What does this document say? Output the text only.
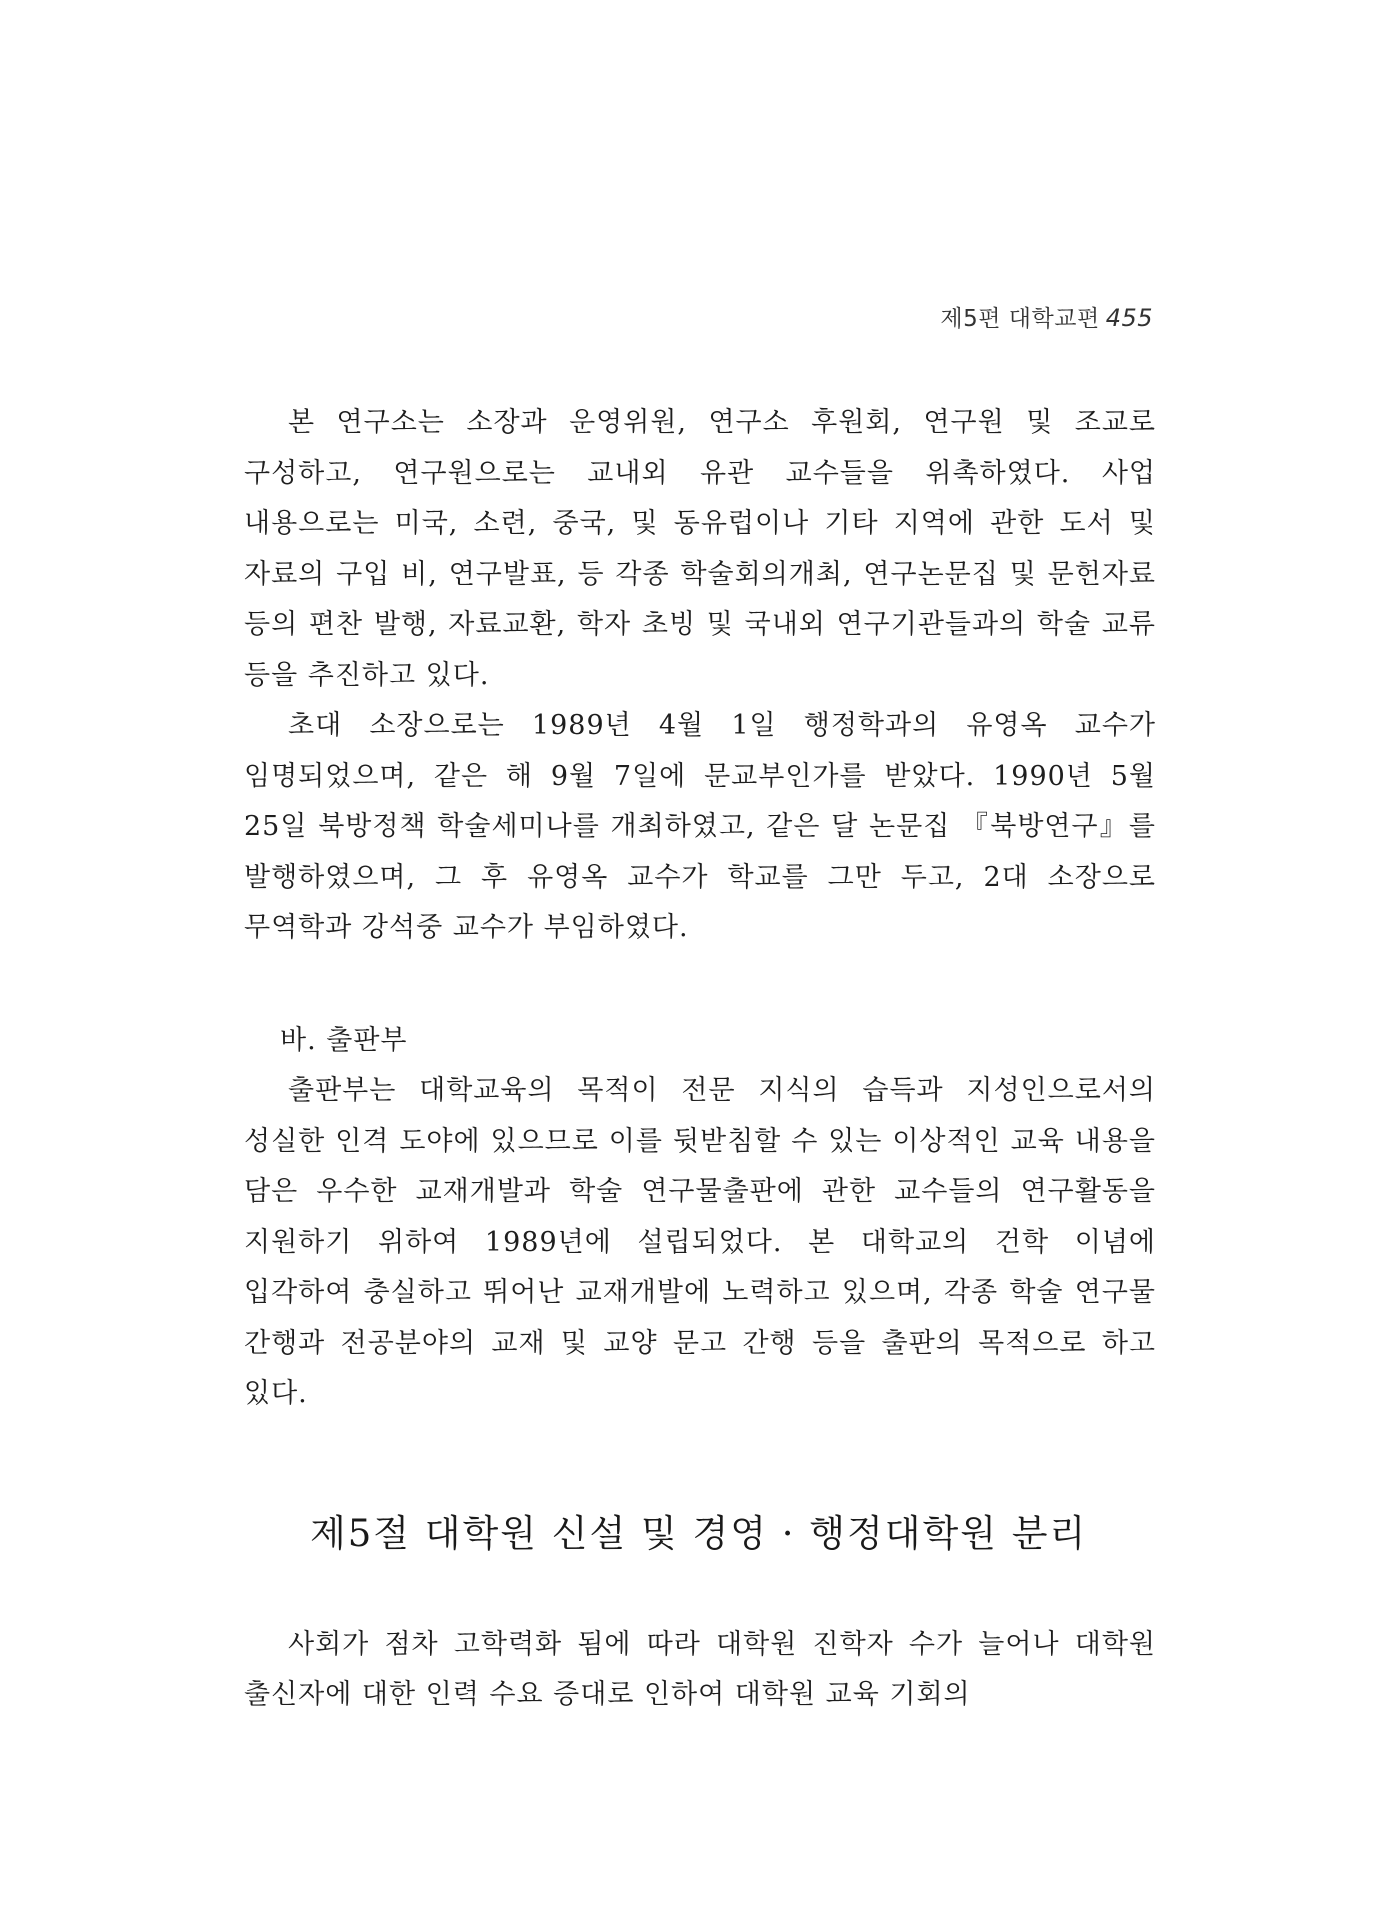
제5편 대학교편 455

본 연구소는 소장과 운영위원, 연구소 후원회, 연구원 및 조교로 구성하고, 연구원으로는 교내외 유관 교수들을 위촉하였다. 사업 내용으로는 미국, 소련, 중국, 및 동유럽이나 기타 지역에 관한 도서 및 자료의 구입 비, 연구발표, 등 각종 학술회의개최, 연구논문집 및 문헌자료 등의 편찬 발행, 자료교환, 학자 초빙 및 국내외 연구기관들과의 학술 교류 등을 추진하고 있다.

초대 소장으로는 1989년 4월 1일 행정학과의 유영옥 교수가 임명되었으며, 같은 해 9월 7일에 문교부인가를 받았다. 1990년 5월 25일 북방정책 학술세미나를 개최하였고, 같은 달 논문집 『북방연구』를 발행하였으며, 그 후 유영옥 교수가 학교를 그만 두고, 2대 소장으로 무역학과 강석중 교수가 부임하였다.

바. 출판부

출판부는 대학교육의 목적이 전문 지식의 습득과 지성인으로서의 성실한 인격 도야에 있으므로 이를 뒷받침할 수 있는 이상적인 교육 내용을 담은 우수한 교재개발과 학술 연구물출판에 관한 교수들의 연구활동을 지원하기 위하여 1989년에 설립되었다. 본 대학교의 건학 이념에 입각하여 충실하고 뛰어난 교재개발에 노력하고 있으며, 각종 학술 연구물 간행과 전공분야의 교재 및 교양 문고 간행 등을 출판의 목적으로 하고 있다.

제5절 대학원 신설 및 경영 · 행정대학원 분리

사회가 점차 고학력화 됨에 따라 대학원 진학자 수가 늘어나 대학원 출신자에 대한 인력 수요 증대로 인하여 대학원 교육 기회의
